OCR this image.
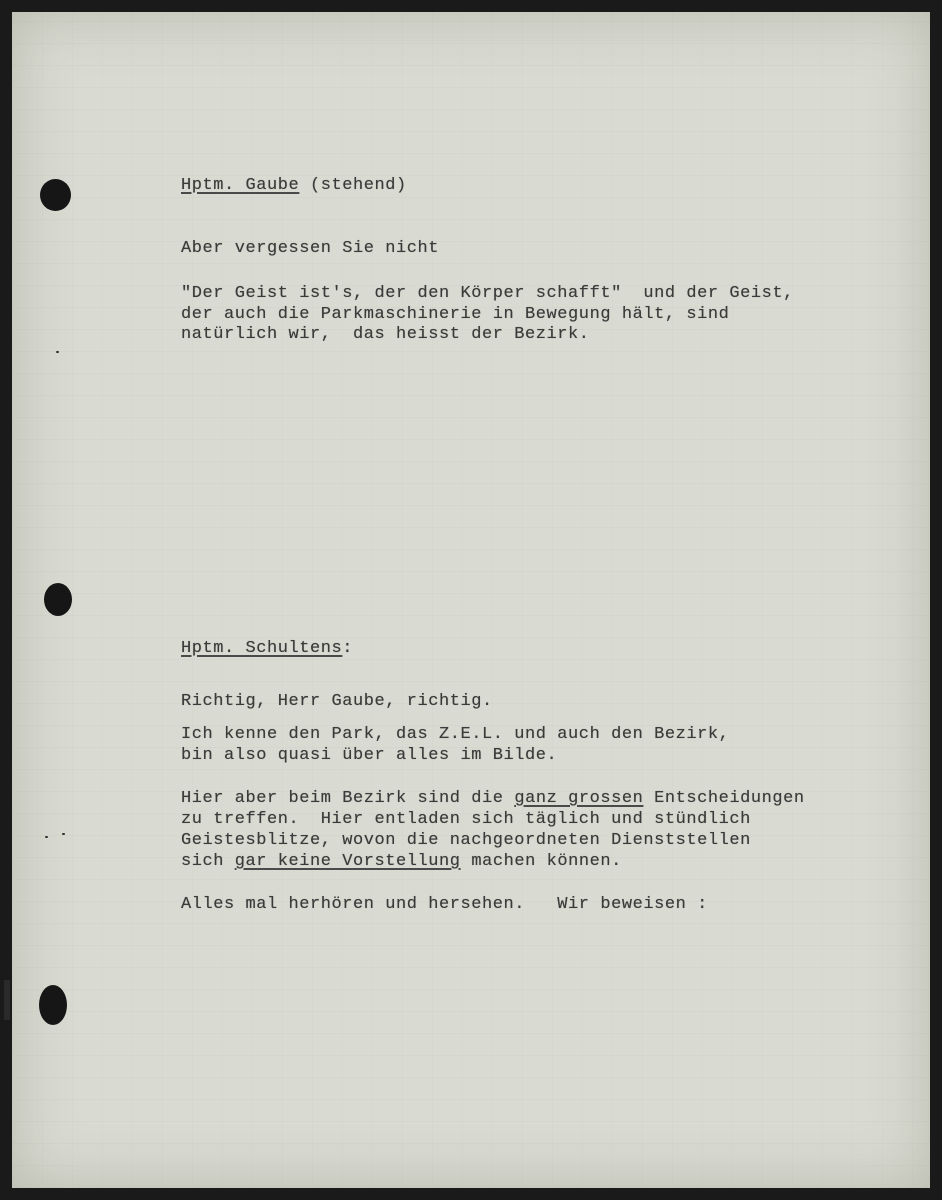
Hptm. Gaube (stehend)

Aber vergessen Sie nicht

"Der Geist ist's, der den Körper schafft"  und der Geist,

der auch die Parkmaschinerie in Bewegung hält, sind

natürlich wir,  das heisst der Bezirk.

Hptm. Schultens:

Richtig, Herr Gaube, richtig.

Ich kenne den Park, das Z.E.L. und auch den Bezirk,

bin also quasi über alles im Bilde.

Hier aber beim Bezirk sind die ganz grossen Entscheidungen

zu treffen.  Hier entladen sich täglich und stündlich

Geistesblitze, wovon die nachgeordneten Dienststellen

sich gar keine Vorstellung machen können.

Alles mal herhören und hersehen.   Wir beweisen :
